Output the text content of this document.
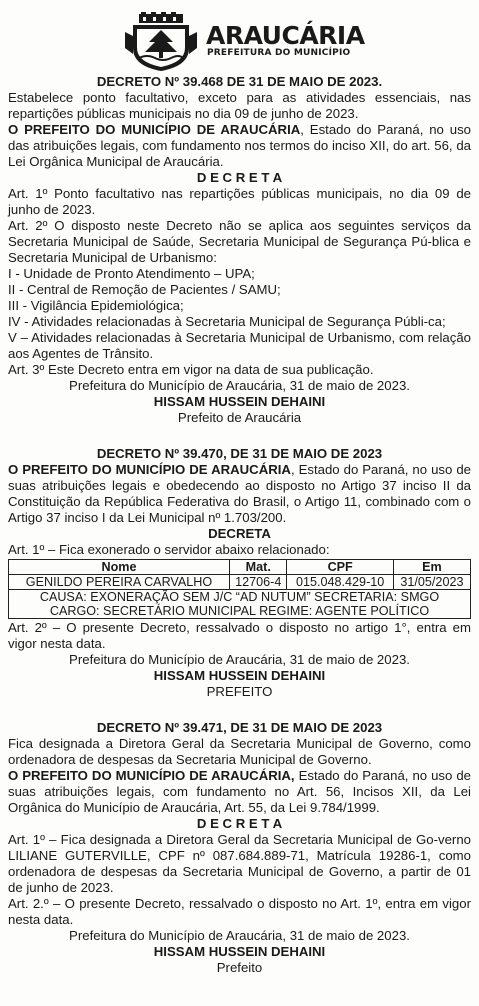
ARAUCÁRIA
PREFEITURA DO MUNICÍPIO

DECRETO Nº 39.468 DE 31 DE MAIO DE 2023.

Estabelece ponto facultativo, exceto para as atividades essenciais, nas repartições públicas municipais no dia 09 de junho de 2023.

O PREFEITO DO MUNICÍPIO DE ARAUCÁRIA, Estado do Paraná, no uso das atribuições legais, com fundamento nos termos do inciso XII, do art. 56, da Lei Orgânica Municipal de Araucária.

D E C R E T A

Art. 1º Ponto facultativo nas repartições públicas municipais, no dia 09 de junho de 2023.

Art. 2º O disposto neste Decreto não se aplica aos seguintes serviços da Secretaria Municipal de Saúde, Secretaria Municipal de Segurança Pú-blica e Secretaria Municipal de Urbanismo:

I - Unidade de Pronto Atendimento – UPA;

II - Central de Remoção de Pacientes / SAMU;

III - Vigilância Epidemiológica;

IV - Atividades relacionadas à Secretaria Municipal de Segurança Públi-ca;

V – Atividades relacionadas à Secretaria Municipal de Urbanismo, com relação aos Agentes de Trânsito.

Art. 3º Este Decreto entra em vigor na data de sua publicação.

Prefeitura do Município de Araucária, 31 de maio de 2023.

HISSAM HUSSEIN DEHAINI

Prefeito de Araucária

DECRETO Nº 39.470, DE 31 DE MAIO DE 2023

O PREFEITO DO MUNICÍPIO DE ARAUCÁRIA, Estado do Paraná, no uso de suas atribuições legais e obedecendo ao disposto no Artigo 37 inciso II da Constituição da República Federativa do Brasil, o Artigo 11, combinado com o Artigo 37 inciso I da Lei Municipal nº 1.703/200.

DECRETA

Art. 1º – Fica exonerado o servidor abaixo relacionado:

Nome	Mat.	CPF	Em
GENILDO PEREIRA CARVALHO	12706-4	015.048.429-10	31/05/2023
CAUSA: EXONERAÇÃO SEM J/C “AD NUTUM” SECRETARIA: SMGO
CARGO: SECRETÁRIO MUNICIPAL REGIME: AGENTE POLÍTICO			

Art. 2º – O presente Decreto, ressalvado o disposto no artigo 1°, entra em vigor nesta data.

Prefeitura do Município de Araucária, 31 de maio de 2023.

HISSAM HUSSEIN DEHAINI

PREFEITO

DECRETO Nº 39.471, DE 31 DE MAIO DE 2023

Fica designada a Diretora Geral da Secretaria Municipal de Governo, como ordenadora de despesas da Secretaria Municipal de Governo.

O PREFEITO DO MUNICÍPIO DE ARAUCÁRIA, Estado do Paraná, no uso de suas atribuições legais, com fundamento no Art. 56, Incisos XII, da Lei Orgânica do Município de Araucária, Art. 55, da Lei 9.784/1999.

D E C R E T A

Art. 1º – Fica designada a Diretora Geral da Secretaria Municipal de Go-verno LILIANE GUTERVILLE, CPF nº 087.684.889-71, Matrícula 19286-1, como ordenadora de despesas da Secretaria Municipal de Governo, a partir de 01 de junho de 2023.

Art. 2.º – O presente Decreto, ressalvado o disposto no Art. 1º, entra em vigor nesta data.

Prefeitura do Município de Araucária, 31 de maio de 2023.

HISSAM HUSSEIN DEHAINI

Prefeito
